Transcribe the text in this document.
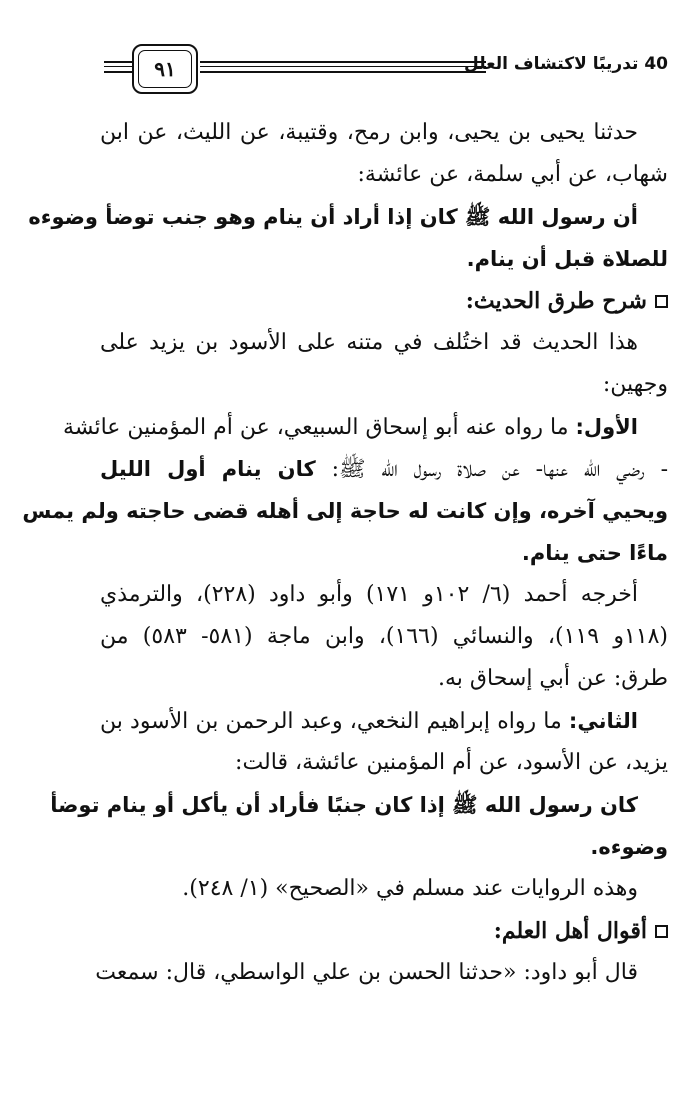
40 تدريبًا لاكتشاف العلل
٩١
حدثنا يحيى بن يحيى، وابن رمح، وقتيبة، عن الليث، عن ابن
شهاب، عن أبي سلمة، عن عائشة:
أن رسول الله ﷺ كان إذا أراد أن ينام وهو جنب توضأ وضوءه
للصلاة قبل أن ينام.
شرح طرق الحديث:
هذا الحديث قد اختُلف في متنه على الأسود بن يزيد على
وجهين:
الأول: ما رواه عنه أبو إسحاق السبيعي، عن أم المؤمنين عائشة
- رضي الله عنها- عن صلاة رسول الله ﷺ: كان ينام أول الليل
ويحيي آخره، وإن كانت له حاجة إلى أهله قضى حاجته ولم يمس
ماءًا حتى ينام.
أخرجه أحمد (٦/ ١٠٢و ١٧١) وأبو داود (٢٢٨)، والترمذي
(١١٨و ١١٩)، والنسائي (١٦٦)، وابن ماجة (٥٨١- ٥٨٣) من
طرق: عن أبي إسحاق به.
الثاني: ما رواه إبراهيم النخعي، وعبد الرحمن بن الأسود بن
يزيد، عن الأسود، عن أم المؤمنين عائشة، قالت:
كان رسول الله ﷺ إذا كان جنبًا فأراد أن يأكل أو ينام توضأ
وضوءه.
وهذه الروايات عند مسلم في «الصحيح» (١/ ٢٤٨).
أقوال أهل العلم:
قال أبو داود: «حدثنا الحسن بن علي الواسطي، قال: سمعت
